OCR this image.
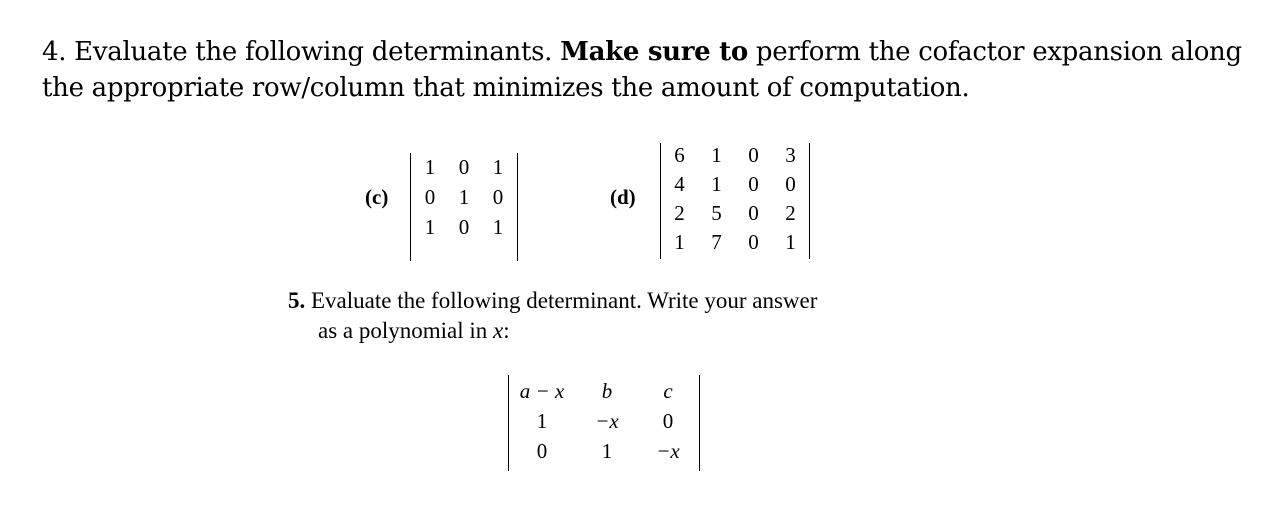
4. Evaluate the following determinants. Make sure to perform the cofactor expansion along
the appropriate row/column that minimizes the amount of computation.
(c)
1	0	1
0	1	0
1	0	1
(d)
6	1	0	3
4	1	0	0
2	5	0	2
1	7	0	1
5. Evaluate the following determinant. Write your answer
as a polynomial in x:
a − x	b	c
1	−x	0
0	1	−x
